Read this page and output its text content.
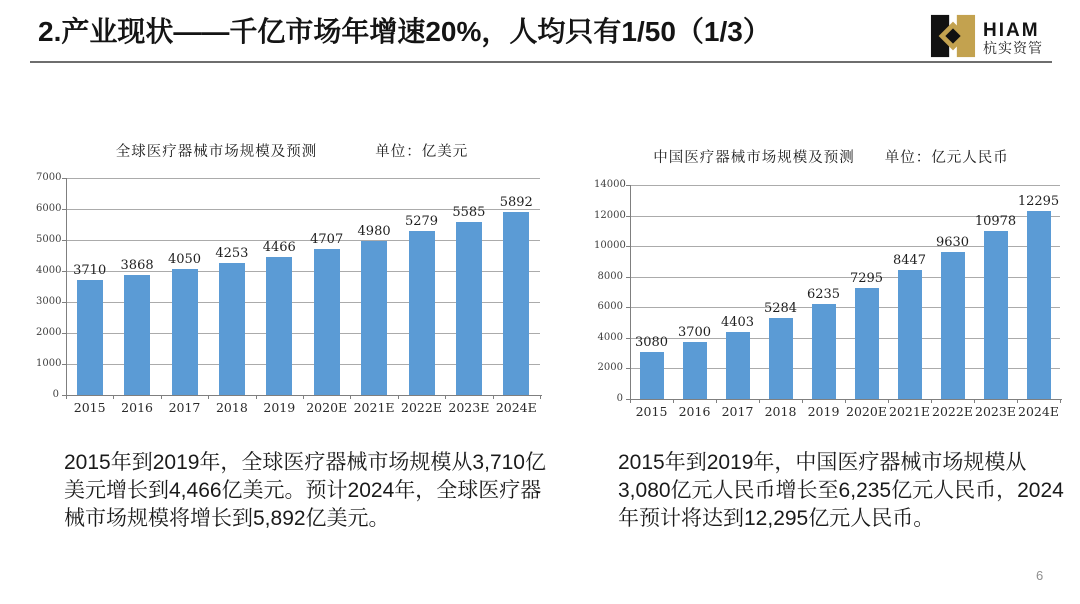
2.产业现状——千亿市场年增速20%，人均只有1/50（1/3）	HIAM
杭实资管
全球医疗器械市场规模及预测	单位：亿美元
0
1000
2000
3000
4000
5000
6000
7000
3710
2015
3868
2016
4050
2017
4253
2018
4466
2019
4707
2020E
4980
2021E
5279
2022E
5585
2023E
5892
2024E
中国医疗器械市场规模及预测 单位：亿元人民币
0
2000
4000
6000
8000
10000
12000
14000
3080
2015
3700
2016
4403
2017
5284
2018
6235
2019
7295
2020E
8447
2021E
9630
2022E
10978
2023E
12295
2024E
2015年到2019年，全球医疗器械市场规模从3,710亿美元增长到4,466亿美元。预计2024年，全球医疗器械市场规模将增长到5,892亿美元。
2015年到2019年，中国医疗器械市场规模从3,080亿元人民币增长至6,235亿元人民币，2024年预计将达到12,295亿元人民币。
6
